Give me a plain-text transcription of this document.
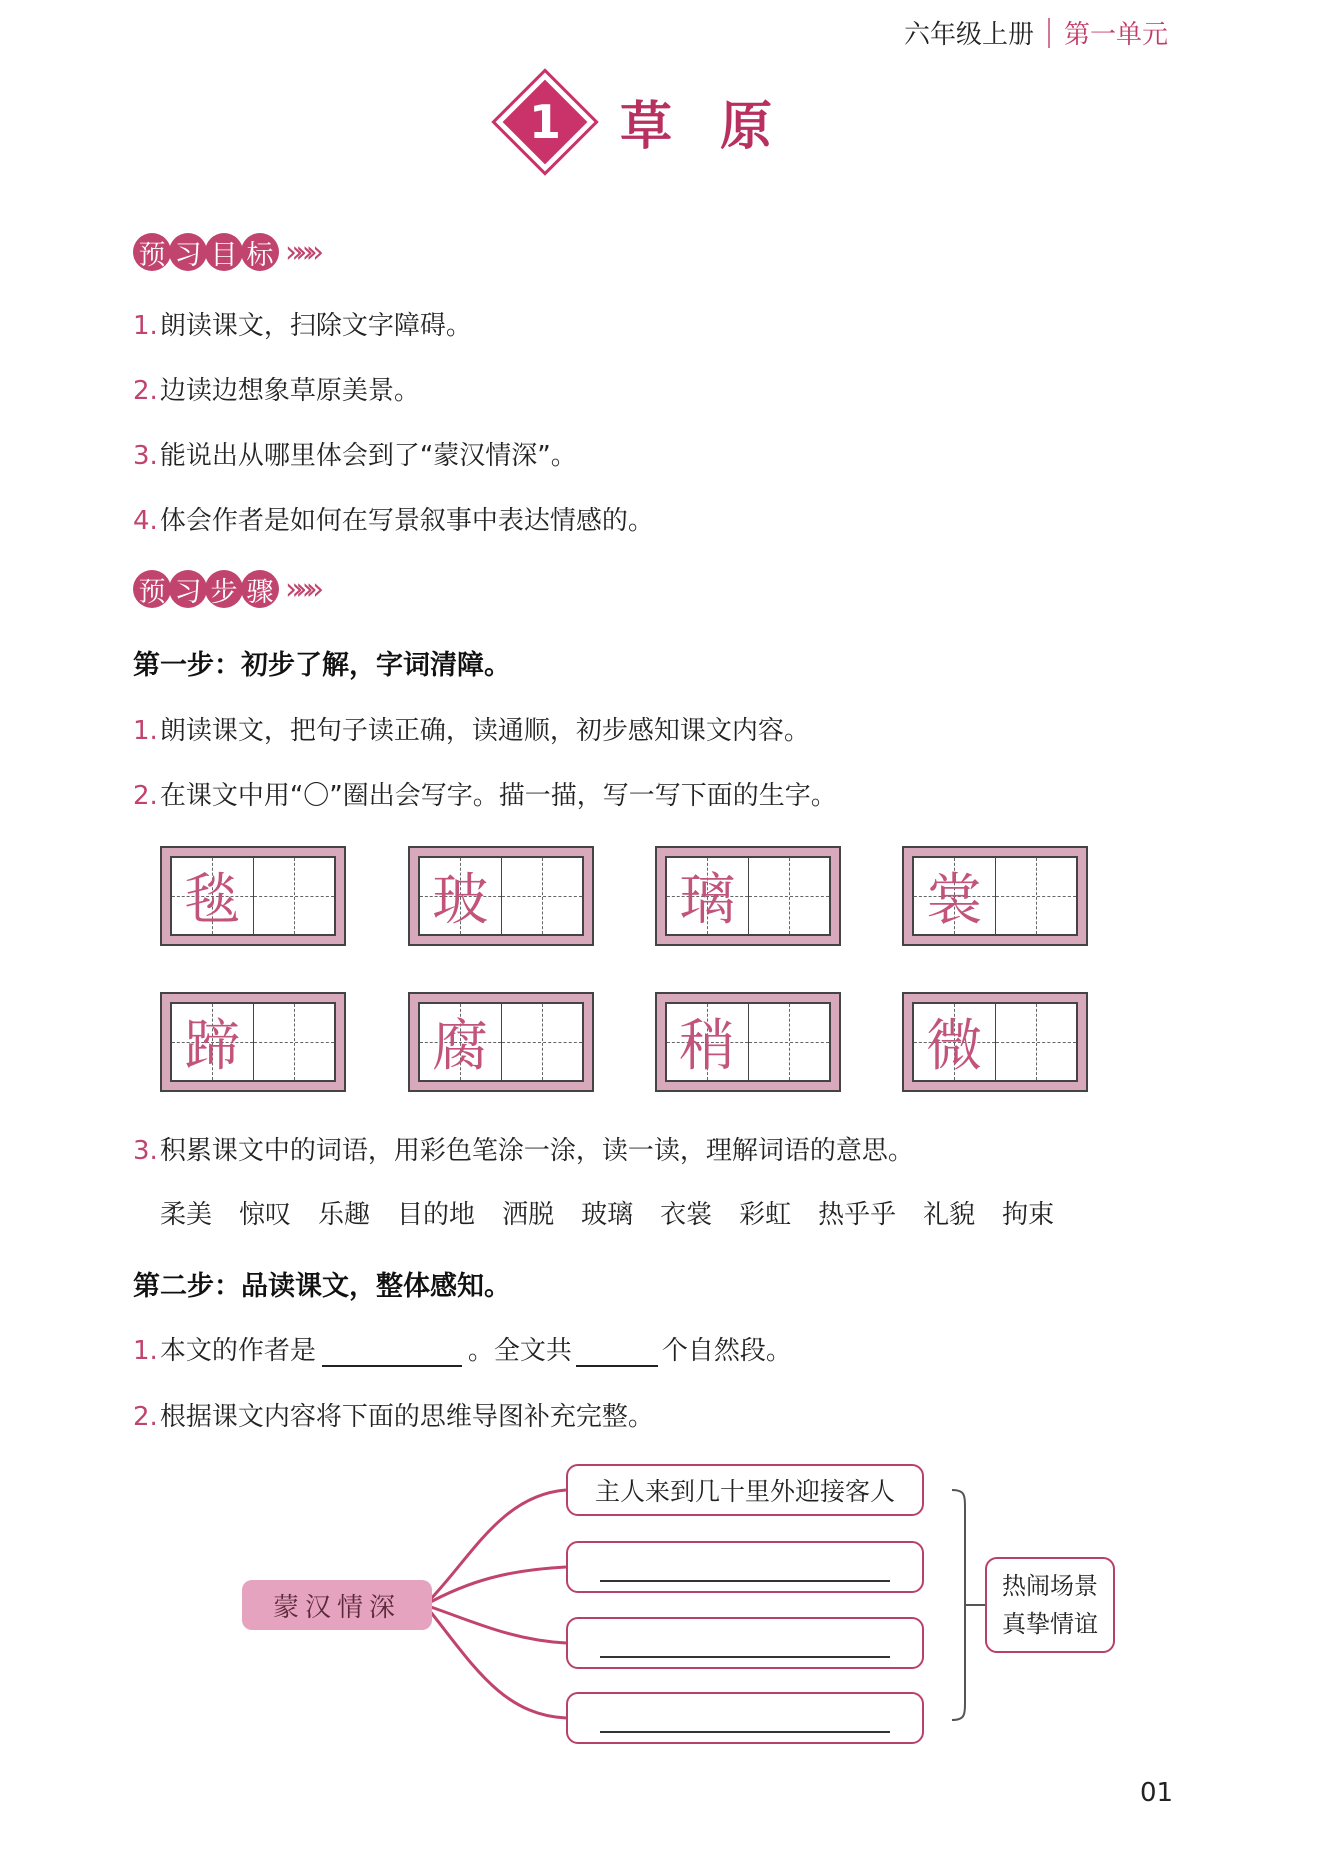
六年级上册 第一单元
1 草原
预 习 目 标 »»»
1.朗读课文，扫除文字障碍。
2.边读边想象草原美景。
3.能说出从哪里体会到了“蒙汉情深”。
4.体会作者是如何在写景叙事中表达情感的。
预 习 步 骤 »»»
第一步：初步了解，字词清障。
1.朗读课文，把句子读正确，读通顺，初步感知课文内容。
2.在课文中用“〇”圈出会写字。描一描，写一写下面的生字。
毯	玻	璃	裳
蹄	腐	稍	微
3.积累课文中的词语，用彩色笔涂一涂，读一读，理解词语的意思。
柔美 惊叹 乐趣 目的地 洒脱 玻璃 衣裳 彩虹 热乎乎 礼貌 拘束
第二步：品读课文，整体感知。
1.本文的作者是	。全文共	个自然段。
2.根据课文内容将下面的思维导图补充完整。
蒙汉情深
主人来到几十里外迎接客人
热闹场景
真挚情谊
01
